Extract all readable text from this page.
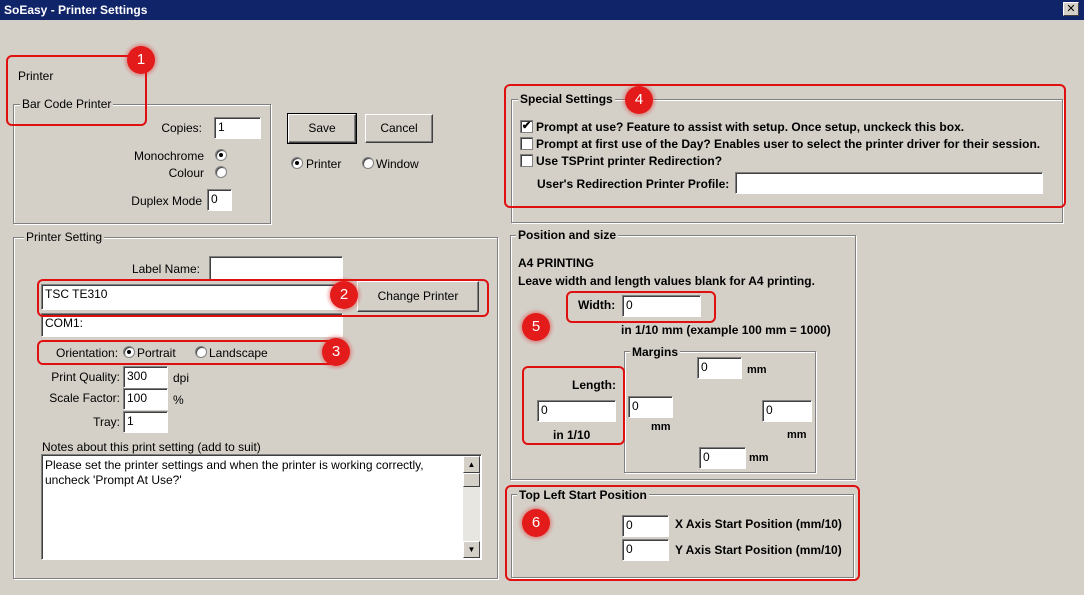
SoEasy - Printer Settings	✕
Printer
Bar Code Printer
Copies:	1
Monochrome
Colour
Duplex Mode 0
Save	Cancel
Printer	Window
Printer Setting
Label Name:
TSC TE310	Change Printer
COM1:
Orientation: Portrait	Landscape
Print Quality: 300	dpi
Scale Factor: 100	%
Tray: 1
Notes about this print setting (add to suit)
Please set the printer settings and when the printer is working correctly, uncheck 'Prompt At Use?'
▲
▼
Special Settings
✔ Prompt at use? Feature to assist with setup. Once setup, unckeck this box.
Prompt at first use of the Day? Enables user to select the printer driver for their session.
Use TSPrint printer Redirection?
User's Redirection Printer Profile:
Position and size
A4 PRINTING
Leave width and length values blank for A4 printing.
Width: 0
in 1/10 mm (example 100 mm = 1000)
Length:
0
in 1/10
Margins
0	mm
0
mm
0
mm
0	mm
Top Left Start Position
0	X Axis Start Position (mm/10)
0	Y Axis Start Position (mm/10)
1
2
3
4
5
6
